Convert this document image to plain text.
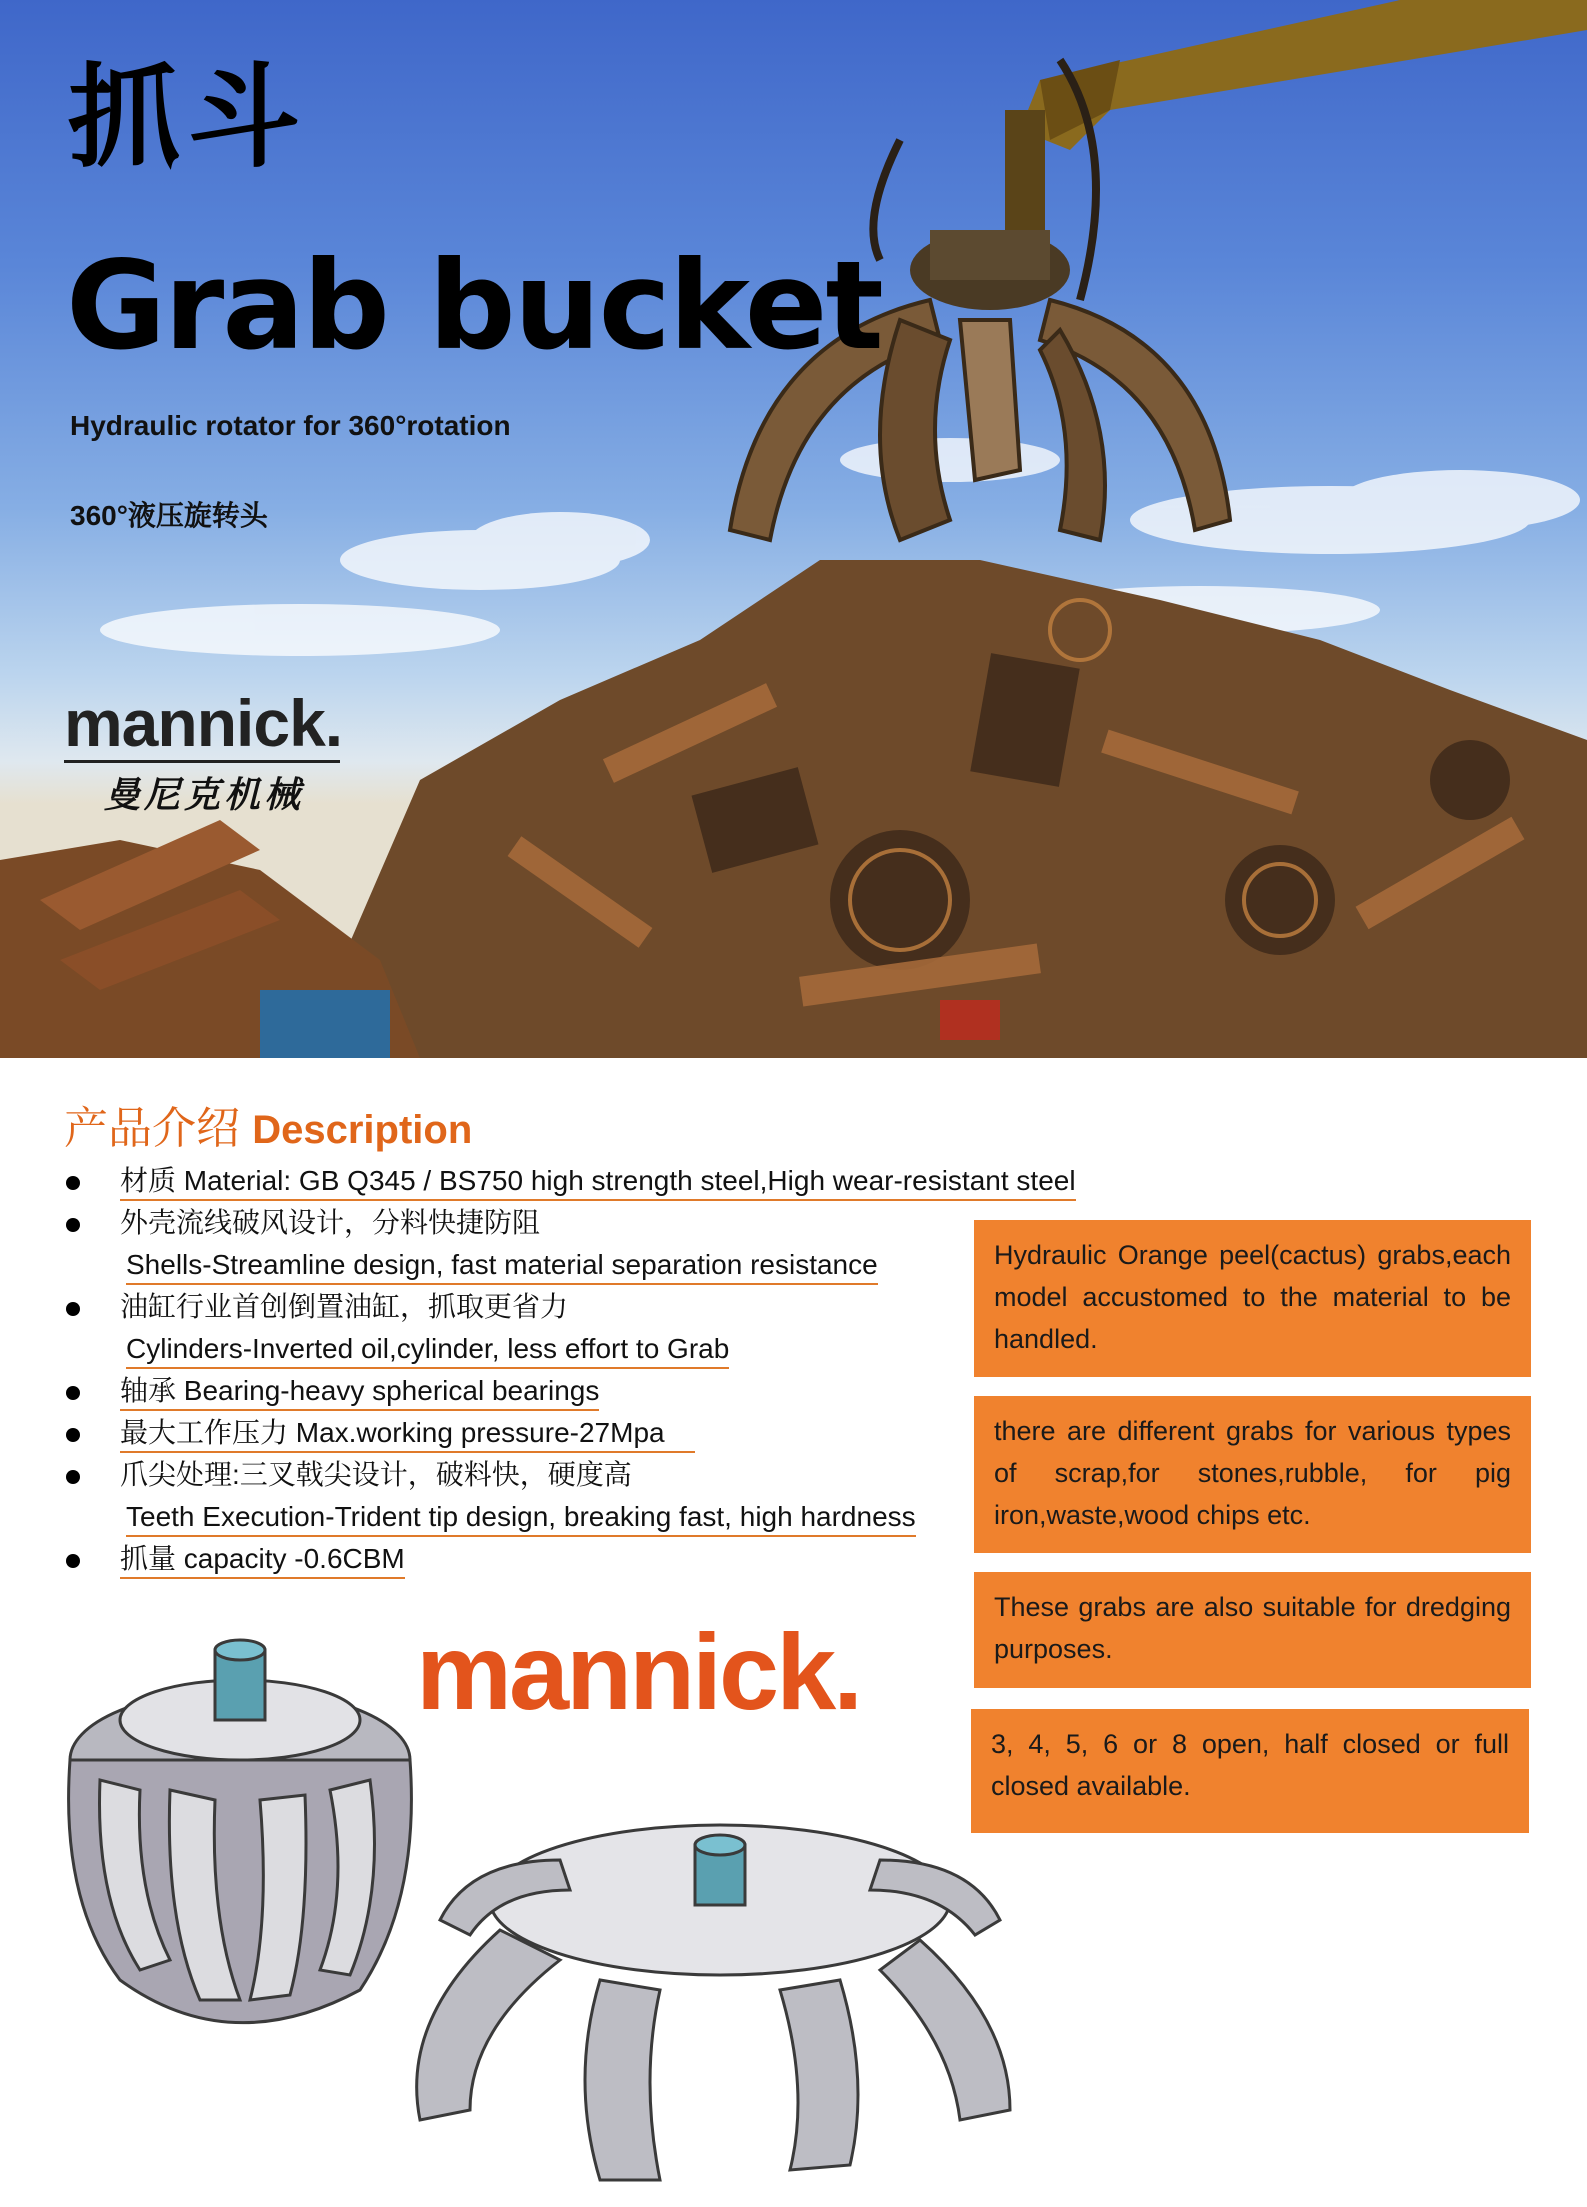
抓斗
Grab bucket
Hydraulic rotator for 360°rotation
360°液压旋转头
mannick.
曼尼克机械
产品介绍 Description
材质 Material: GB Q345 / BS750 high strength steel,High wear-resistant steel
外壳流线破风设计，分料快捷防阻
Shells-Streamline design, fast material separation resistance
油缸行业首创倒置油缸，抓取更省力
Cylinders-Inverted oil,cylinder, less effort to Grab
轴承 Bearing-heavy spherical bearings
最大工作压力 Max.working pressure-27Mpa
爪尖处理:三叉戟尖设计，破料快，硬度高
Teeth Execution-Trident tip design, breaking fast, high hardness
抓量 capacity -0.6CBM
Hydraulic Orange peel(cactus) grabs,each model accustomed to the material to be handled.
there are different grabs for various types of scrap,for stones,rubble, for pig iron,waste,wood chips etc.
These grabs are also suitable for dredging purposes.
3, 4, 5, 6 or 8 open, half closed or full closed available.
mannick.
